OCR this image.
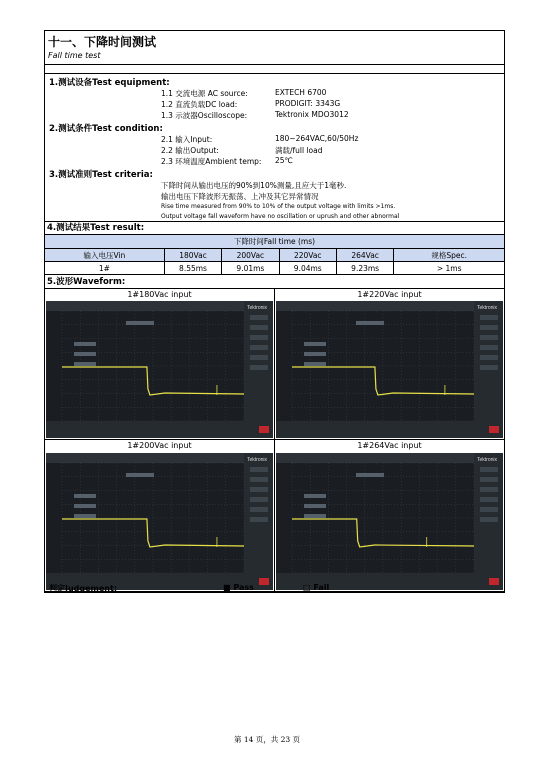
十一、下降时间测试
Fall time test
1.测试设备Test equipment:
1.1 交流电源 AC source:	EXTECH 6700
1.2 直流负载DC load:	PRODIGIT: 3343G
1.3 示波器Oscilloscope:	Tektronix MDO3012
2.测试条件Test condition:
2.1 输入Input:	180~264VAC,60/50Hz
2.2 输出Output:	满载/full load
2.3 环境温度Ambient temp: 25℃
3.测试准则Test criteria:
下降时间从输出电压的90%到10%测量,且应大于1毫秒.
输出电压下降波形无振荡、上冲及其它异常情况
Rise time measured from 90% to 10% of the output voltage with limits >1ms.
Output voltage fall waveform have no oscillation or uprush and other abnormal
4.测试结果Test result:
下降时间Fall time (ms)
输入电压Vin	180Vac	200Vac	220Vac	264Vac	规格Spec.
1#	8.55ms	9.01ms	9.04ms	9.23ms	> 1ms
5.波形Waveform:
1#180Vac input	1#220Vac input
1#200Vac input	1#264Vac input
Tektronix	Tektronix
Tektronix	Tektronix
判定Judgement:	■ Pass	□ Fail
第 14 页，共 23 页
